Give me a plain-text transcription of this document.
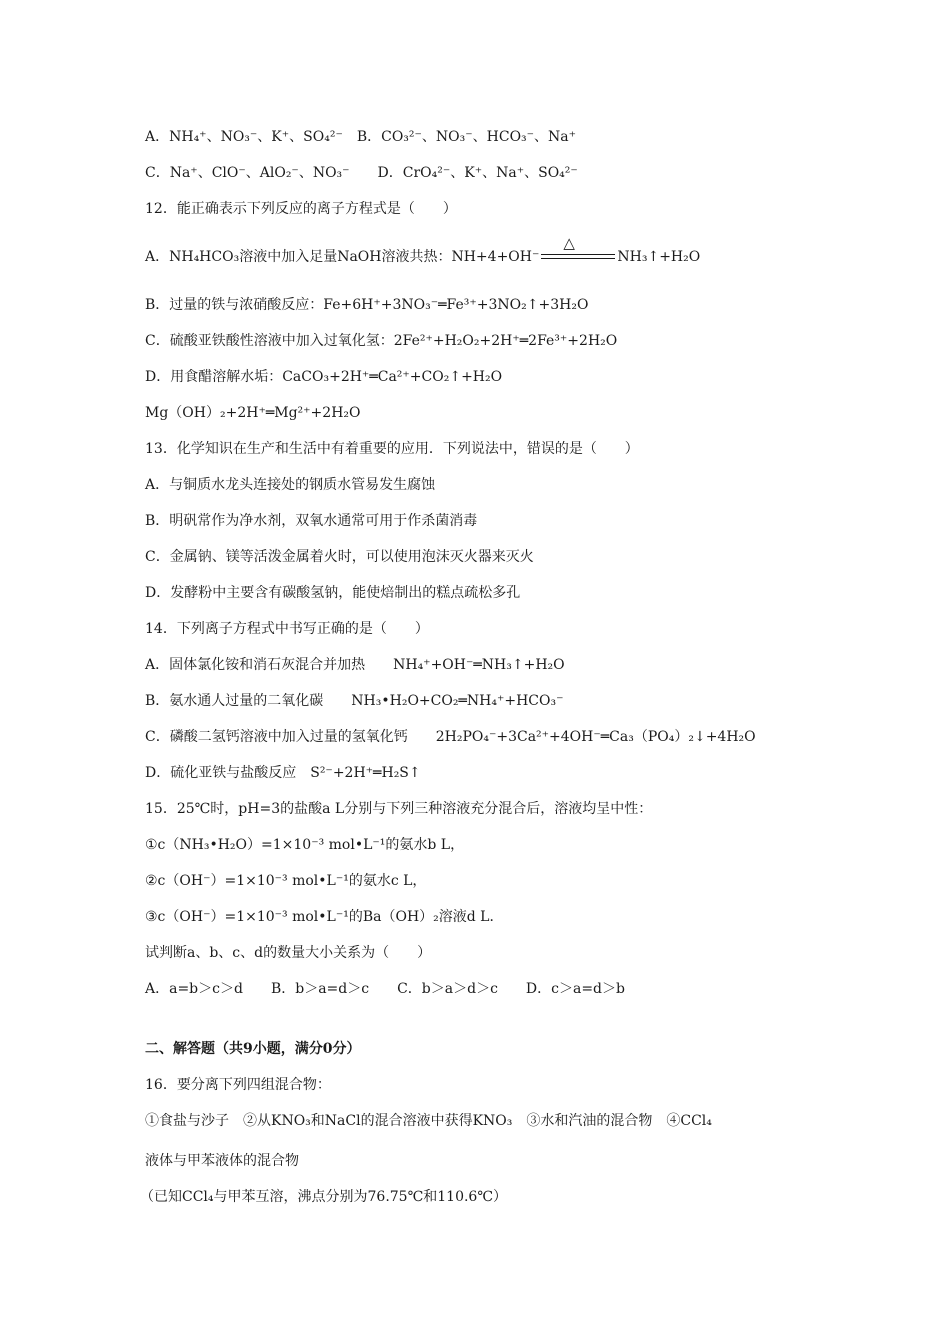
A．NH₄⁺、NO₃⁻、K⁺、SO₄²⁻　B．CO₃²⁻、NO₃⁻、HCO₃⁻、Na⁺
C．Na⁺、ClO⁻、AlO₂⁻、NO₃⁻　　D．CrO₄²⁻、K⁺、Na⁺、SO₄²⁻
12．能正确表示下列反应的离子方程式是（　　）
A．NH₄HCO₃溶液中加入足量NaOH溶液共热：NH+4+OH⁻
△
NH₃↑+H₂O
B．过量的铁与浓硝酸反应：Fe+6H⁺+3NO₃⁻═Fe³⁺+3NO₂↑+3H₂O
C．硫酸亚铁酸性溶液中加入过氧化氢：2Fe²⁺+H₂O₂+2H⁺═2Fe³⁺+2H₂O
D．用食醋溶解水垢：CaCO₃+2H⁺═Ca²⁺+CO₂↑+H₂O
Mg（OH）₂+2H⁺═Mg²⁺+2H₂O
13．化学知识在生产和生活中有着重要的应用．下列说法中，错误的是（　　）
A．与铜质水龙头连接处的钢质水管易发生腐蚀
B．明矾常作为净水剂，双氧水通常可用于作杀菌消毒
C．金属钠、镁等活泼金属着火时，可以使用泡沫灭火器来灭火
D．发酵粉中主要含有碳酸氢钠，能使焙制出的糕点疏松多孔
14．下列离子方程式中书写正确的是（　　）
A．固体氯化铵和消石灰混合并加热　　NH₄⁺+OH⁻═NH₃↑+H₂O
B．氨水通人过量的二氧化碳　　NH₃•H₂O+CO₂═NH₄⁺+HCO₃⁻
C．磷酸二氢钙溶液中加入过量的氢氧化钙　　2H₂PO₄⁻+3Ca²⁺+4OH⁻═Ca₃（PO₄）₂↓+4H₂O
D．硫化亚铁与盐酸反应　S²⁻+2H⁺═H₂S↑
15．25℃时，pH=3的盐酸a L分别与下列三种溶液充分混合后，溶液均呈中性：
①c（NH₃•H₂O）=1×10⁻³ mol•L⁻¹的氨水b L，
②c（OH⁻）=1×10⁻³ mol•L⁻¹的氨水c L，
③c（OH⁻）=1×10⁻³ mol•L⁻¹的Ba（OH）₂溶液d L．
试判断a、b、c、d的数量大小关系为（　　）
A．a=b＞c＞d　　B．b＞a=d＞c　　C．b＞a＞d＞c　　D．c＞a=d＞b
二、解答题（共9小题，满分0分）
16．要分离下列四组混合物：
①食盐与沙子　②从KNO₃和NaCl的混合溶液中获得KNO₃　③水和汽油的混合物　④CCl₄
液体与甲苯液体的混合物
（已知CCl₄与甲苯互溶，沸点分别为76.75℃和110.6℃）
